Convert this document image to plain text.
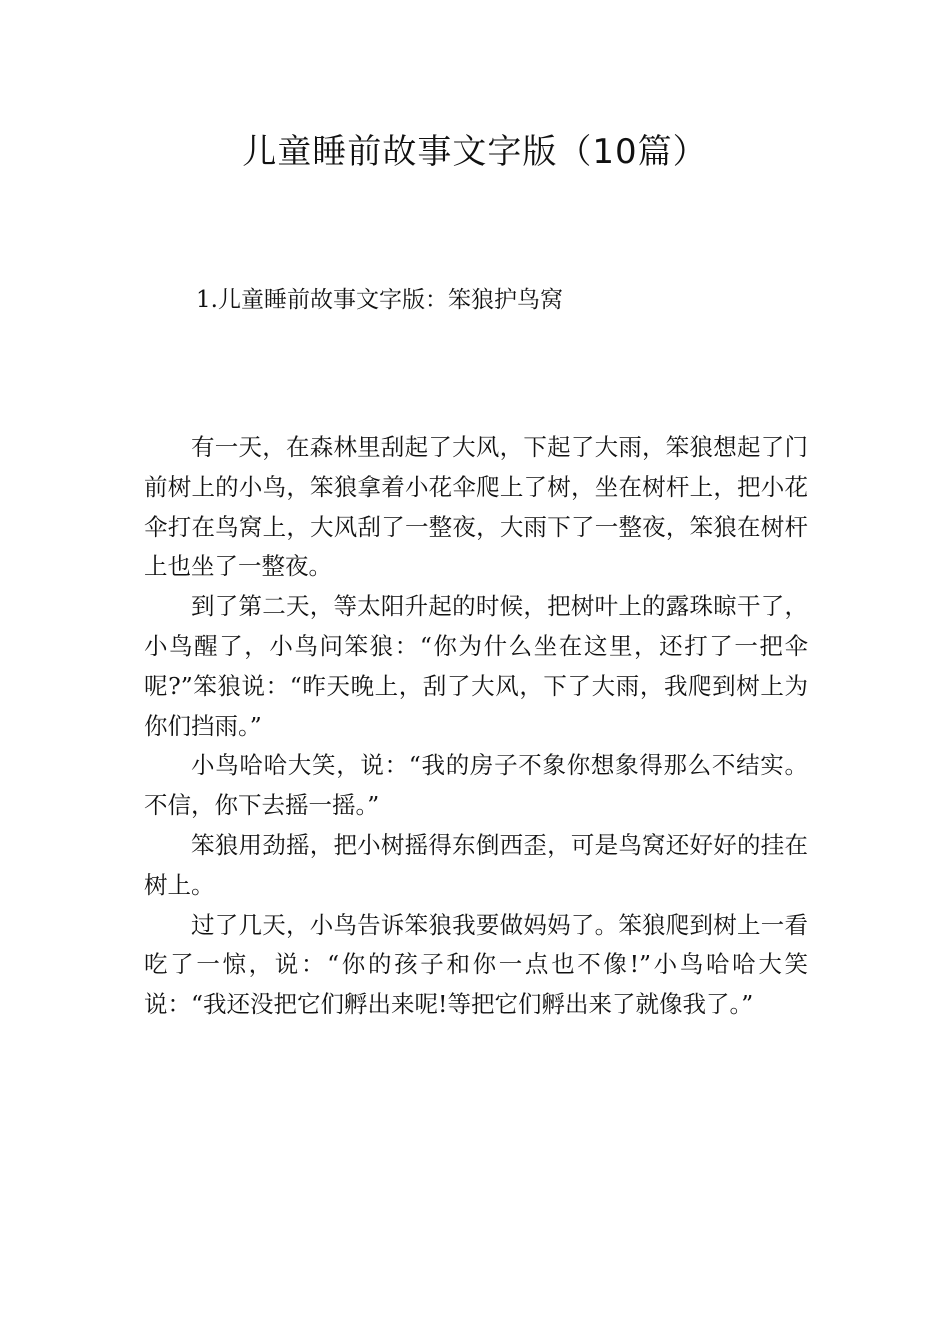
儿童睡前故事文字版（10篇）
1.儿童睡前故事文字版：笨狼护鸟窝

有一天，在森林里刮起了大风，下起了大雨，笨狼想起了门前树上的小鸟，笨狼拿着小花伞爬上了树，坐在树杆上，把小花伞打在鸟窝上，大风刮了一整夜，大雨下了一整夜，笨狼在树杆上也坐了一整夜。

到了第二天，等太阳升起的时候，把树叶上的露珠晾干了，小鸟醒了，小鸟问笨狼：“你为什么坐在这里，还打了一把伞呢?”笨狼说：“昨天晚上，刮了大风，下了大雨，我爬到树上为你们挡雨。”

小鸟哈哈大笑，说：“我的房子不象你想象得那么不结实。不信，你下去摇一摇。”

笨狼用劲摇，把小树摇得东倒西歪，可是鸟窝还好好的挂在树上。

过了几天，小鸟告诉笨狼我要做妈妈了。笨狼爬到树上一看吃了一惊，说：“你的孩子和你一点也不像!”小鸟哈哈大笑说：“我还没把它们孵出来呢!等把它们孵出来了就像我了。”
